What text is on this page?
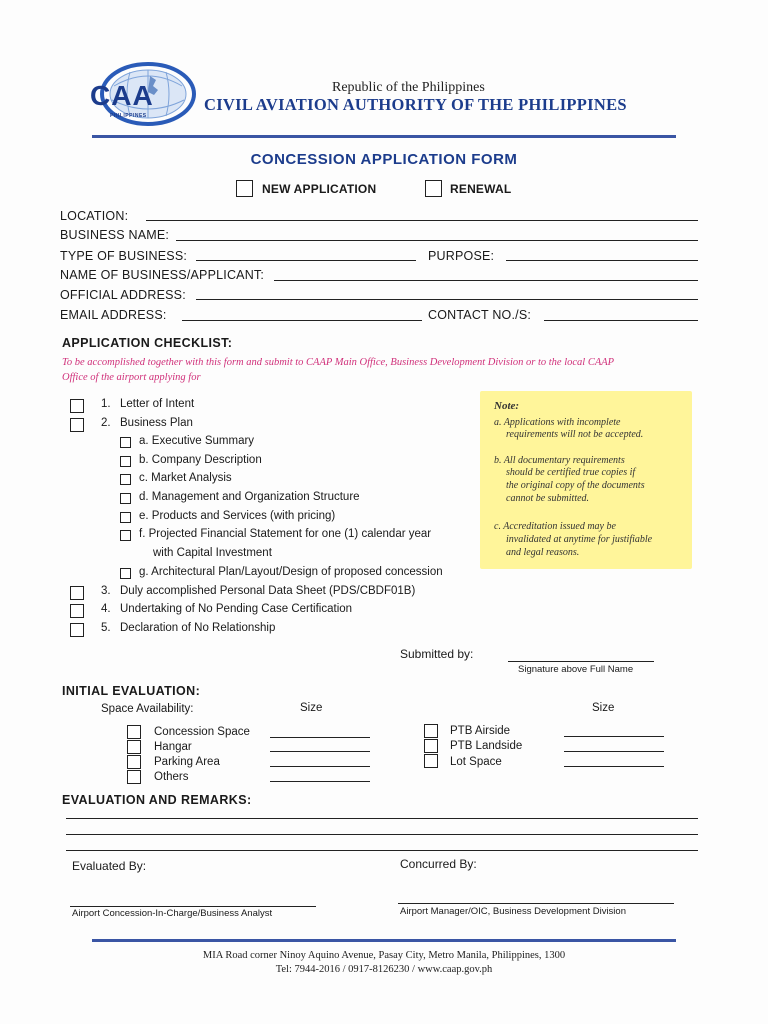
CAA
PHILIPPINES
Republic of the Philippines
CIVIL AVIATION AUTHORITY OF THE PHILIPPINES
CONCESSION APPLICATION FORM
NEW APPLICATION	RENEWAL
LOCATION:
BUSINESS NAME:
TYPE OF BUSINESS:	PURPOSE:
NAME OF BUSINESS/APPLICANT:
OFFICIAL ADDRESS:
EMAIL ADDRESS:	CONTACT NO./S:
APPLICATION CHECKLIST:
To be accomplished together with this form and submit to CAAP Main Office, Business Development Division or to the local CAAP
Office of the airport applying for
1. Letter of Intent
2. Business Plan
a. Executive Summary
b. Company Description
c. Market Analysis
d. Management and Organization Structure
e. Products and Services (with pricing)
f. Projected Financial Statement for one (1) calendar year
with Capital Investment
g. Architectural Plan/Layout/Design of proposed concession
3. Duly accomplished Personal Data Sheet (PDS/CBDF01B)
4. Undertaking of No Pending Case Certification
5. Declaration of No Relationship

Note:

a. Applications with incomplete

requirements will not be accepted.

b. All documentary requirements

should be certified true copies if

the original copy of the documents

cannot be submitted.

c. Accreditation issued may be

invalidated at anytime for justifiable

and legal reasons.

Submitted by:
Signature above Full Name
INITIAL EVALUATION:
Space Availability:	Size	Size
Concession Space
Hangar
Parking Area
Others
PTB Airside
PTB Landside
Lot Space
EVALUATION AND REMARKS:
Evaluated By:	Concurred By:
Airport Concession-In-Charge/Business Analyst	Airport Manager/OIC, Business Development Division
MIA Road corner Ninoy Aquino Avenue, Pasay City, Metro Manila, Philippines, 1300
Tel: 7944-2016 / 0917-8126230 / www.caap.gov.ph
